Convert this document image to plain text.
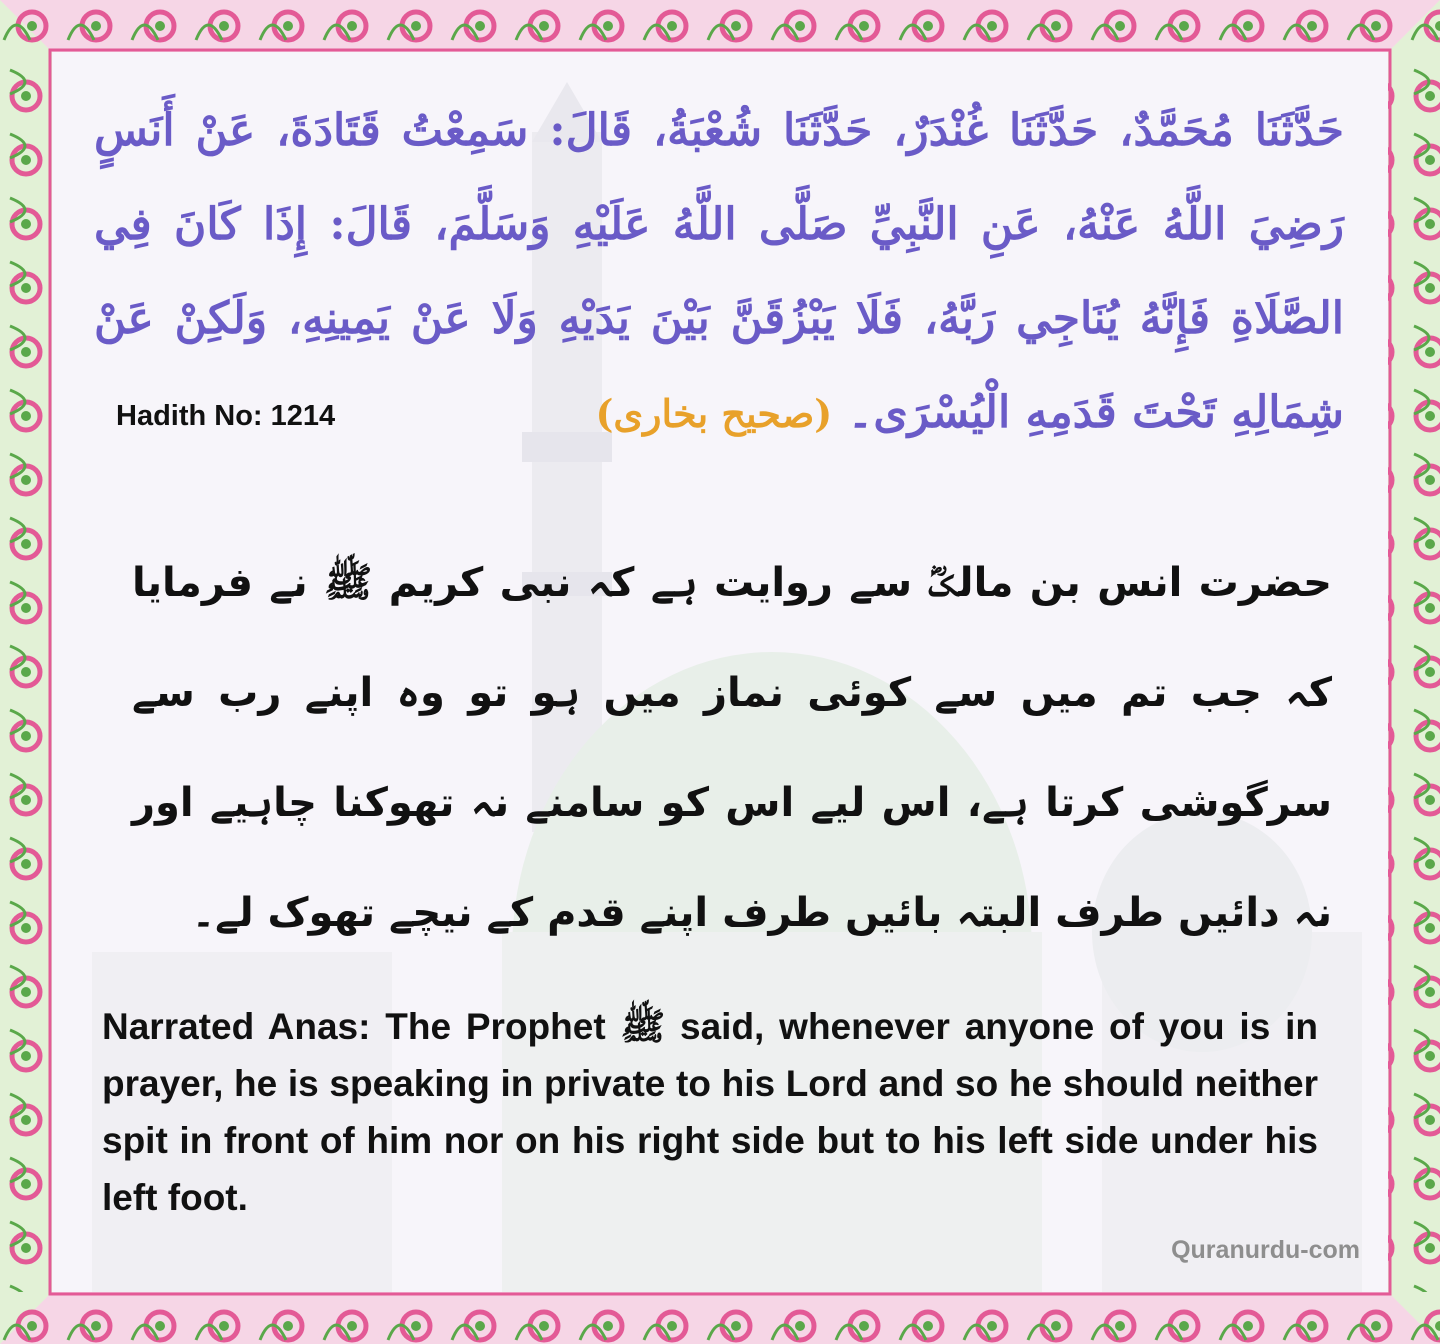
حَدَّثَنَا مُحَمَّدٌ، حَدَّثَنَا غُنْدَرٌ، حَدَّثَنَا شُعْبَةُ، قَالَ: سَمِعْتُ قَتَادَةَ، عَنْ أَنَسٍ رَضِيَ اللَّهُ عَنْهُ، عَنِ النَّبِيِّ صَلَّى اللَّهُ عَلَيْهِ وَسَلَّمَ، قَالَ: إِذَا كَانَ فِي الصَّلَاةِ فَإِنَّهُ يُنَاجِي رَبَّهُ، فَلَا يَبْزُقَنَّ بَيْنَ يَدَيْهِ وَلَا عَنْ يَمِينِهِ، وَلَكِنْ عَنْ شِمَالِهِ تَحْتَ قَدَمِهِ الْيُسْرَى۔ (صحیح بخاری)
Hadith No: 1214
حضرت انس بن مالکؓ سے روایت ہے کہ نبی کریم ﷺ نے فرمایا کہ جب تم میں سے کوئی نماز میں ہو تو وہ اپنے رب سے سرگوشی کرتا ہے، اس لیے اس کو سامنے نہ تھوکنا چاہیے اور نہ دائیں طرف البتہ بائیں طرف اپنے قدم کے نیچے تھوک لے۔
Narrated Anas: The Prophet ﷺ said, whenever anyone of you is in prayer, he is speaking in private to his Lord and so he should neither spit in front of him nor on his right side but to his left side under his left foot.
Quranurdu-com
